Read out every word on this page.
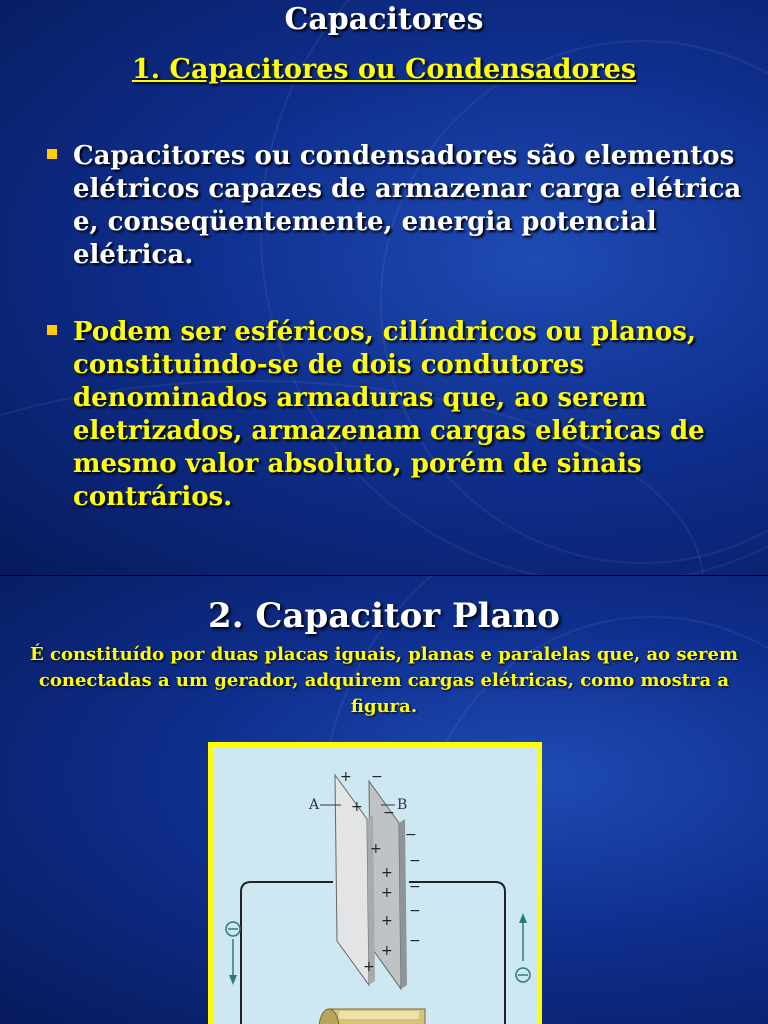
Capacitores
1. Capacitores ou Condensadores

Capacitores ou condensadores são elementos elétricos capazes de armazenar carga elétrica e, conseqüentemente, energia potencial elétrica.

Podem ser esféricos, cilíndricos ou planos, constituindo-se de dois condutores denominados armaduras que, ao serem eletrizados, armazenam cargas elétricas de mesmo valor absoluto, porém de sinais contrários.

2. Capacitor Plano

É constituído por duas placas iguais, planas e paralelas que, ao serem conectadas a um gerador, adquirem cargas elétricas, como mostra a figura.

A	B
+
+
+
+
+
+
+
+
−
−
−
−
−
−
−
